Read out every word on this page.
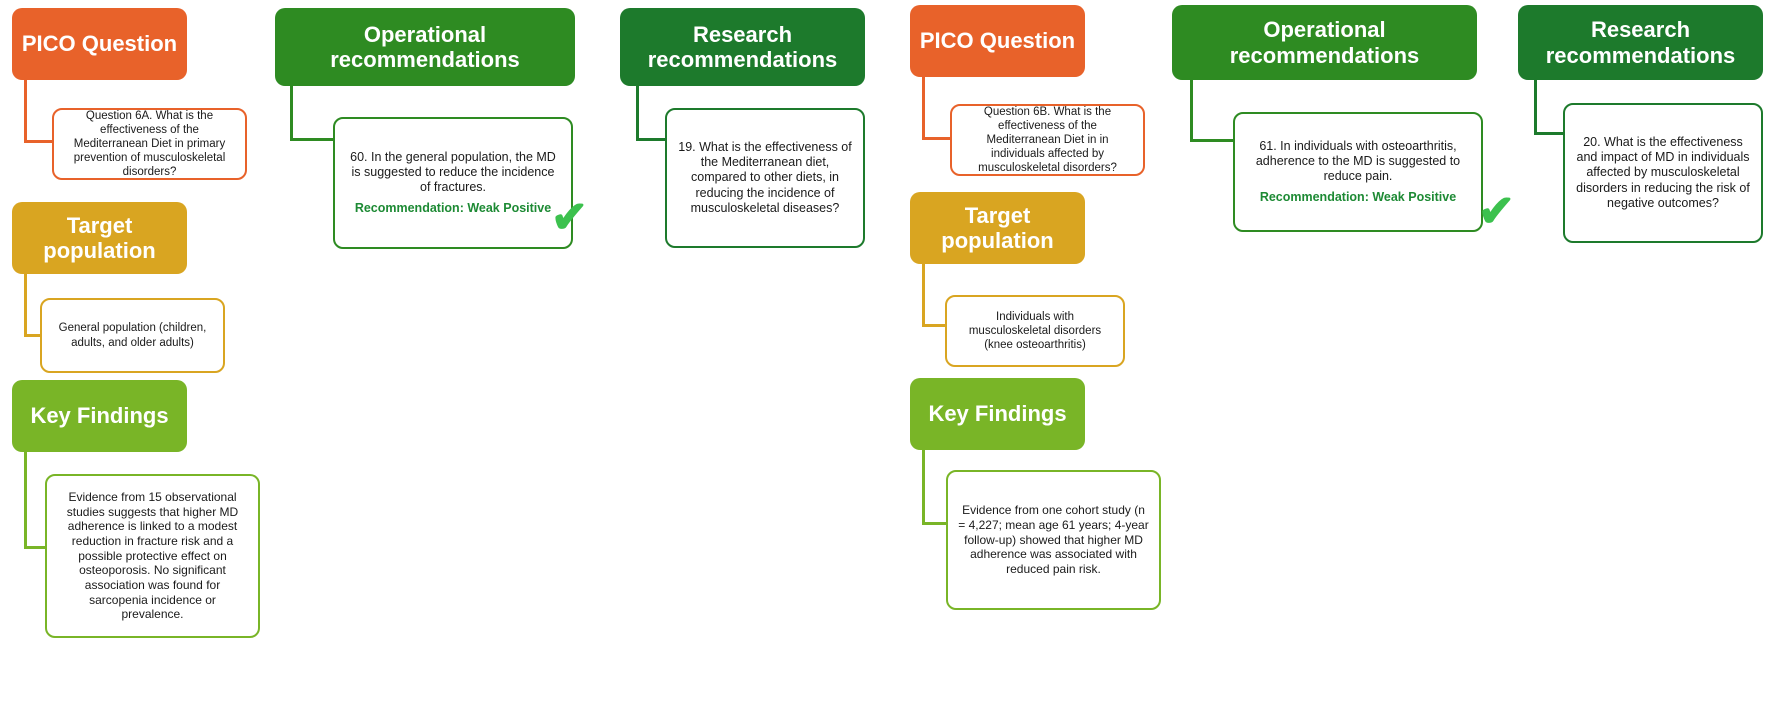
PICO Question
Question 6A. What is the effectiveness of the Mediterranean Diet in primary prevention of musculoskeletal disorders?
Target population
General population (children, adults, and older adults)
Key Findings
Evidence from 15 observational studies suggests that higher MD adherence is linked to a modest reduction in fracture risk and a possible protective effect on osteoporosis. No significant association was found for sarcopenia incidence or prevalence.
Operational recommendations
60. In the general population, the MD is suggested to reduce the incidence of fractures.
Recommendation: Weak Positive ✔
Research recommendations
19. What is the effectiveness of the Mediterranean diet, compared to other diets, in reducing the incidence of musculoskeletal diseases?
PICO Question
Question 6B. What is the effectiveness of the Mediterranean Diet in in individuals affected by musculoskeletal disorders?
Target population
Individuals with musculoskeletal disorders (knee osteoarthritis)
Key Findings
Evidence from one cohort study (n = 4,227; mean age 61 years; 4-year follow-up) showed that higher MD adherence was associated with reduced pain risk.
Operational recommendations
61. In individuals with osteoarthritis, adherence to the MD is suggested to reduce pain.
Recommendation: Weak Positive ✔
Research recommendations
20. What is the effectiveness and impact of MD in individuals affected by musculoskeletal disorders in reducing the risk of negative outcomes?
